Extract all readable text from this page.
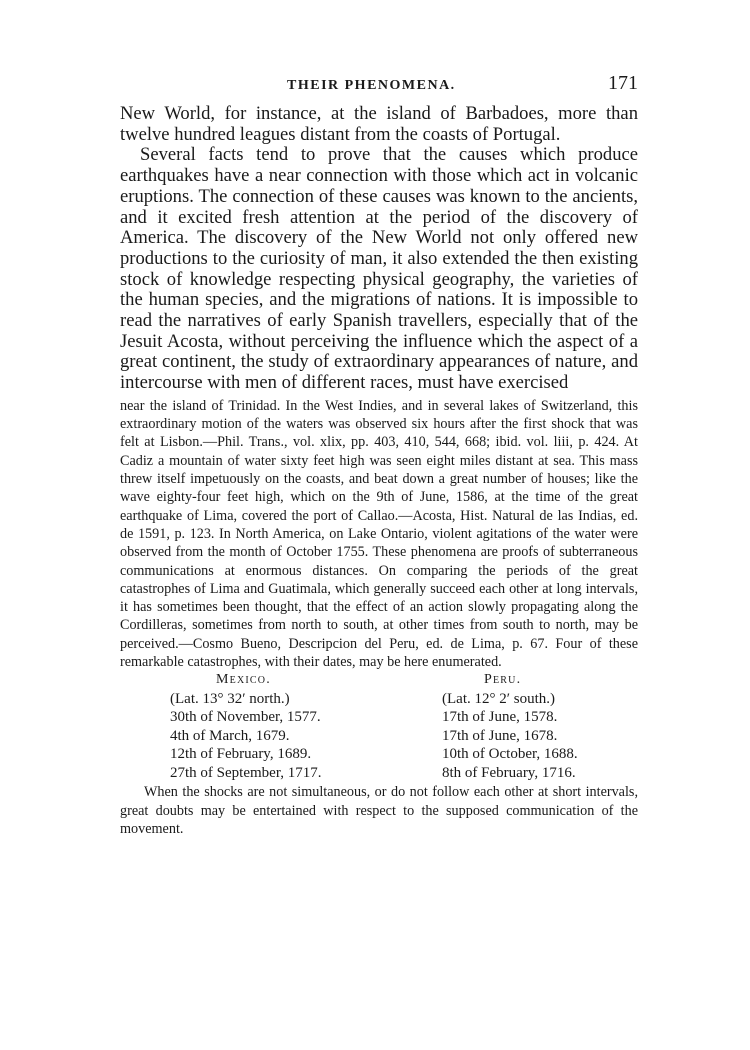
THEIR PHENOMENA.	171

New World, for instance, at the island of Barbadoes, more than twelve hundred leagues distant from the coasts of Portugal.

Several facts tend to prove that the causes which produce earthquakes have a near connection with those which act in volcanic eruptions. The connection of these causes was known to the ancients, and it excited fresh attention at the period of the discovery of America. The discovery of the New World not only offered new productions to the curiosity of man, it also extended the then existing stock of knowledge respecting physical geography, the varieties of the human species, and the migrations of nations. It is impossible to read the narratives of early Spanish travellers, especially that of the Jesuit Acosta, without perceiving the influence which the aspect of a great continent, the study of extraordinary appearances of nature, and intercourse with men of different races, must have exercised

near the island of Trinidad. In the West Indies, and in several lakes of Switzerland, this extraordinary motion of the waters was observed six hours after the first shock that was felt at Lisbon.—Phil. Trans., vol. xlix, pp. 403, 410, 544, 668; ibid. vol. liii, p. 424. At Cadiz a mountain of water sixty feet high was seen eight miles distant at sea. This mass threw itself impetuously on the coasts, and beat down a great number of houses; like the wave eighty-four feet high, which on the 9th of June, 1586, at the time of the great earthquake of Lima, covered the port of Callao.—Acosta, Hist. Natural de las Indias, ed. de 1591, p. 123. In North America, on Lake Ontario, violent agitations of the water were observed from the month of October 1755. These phenomena are proofs of subterraneous communications at enormous distances. On comparing the periods of the great catastrophes of Lima and Guatimala, which generally succeed each other at long intervals, it has sometimes been thought, that the effect of an action slowly propagating along the Cordilleras, sometimes from north to south, at other times from south to north, may be perceived.—Cosmo Bueno, Descripcion del Peru, ed. de Lima, p. 67. Four of these remarkable catastrophes, with their dates, may be here enumerated.

Mexico.
(Lat. 13° 32′ north.)
30th of November, 1577.
4th of March, 1679.
12th of February, 1689.
27th of September, 1717.
Peru.
(Lat. 12° 2′ south.)
17th of June, 1578.
17th of June, 1678.
10th of October, 1688.
8th of February, 1716.

When the shocks are not simultaneous, or do not follow each other at short intervals, great doubts may be entertained with respect to the supposed communication of the movement.
